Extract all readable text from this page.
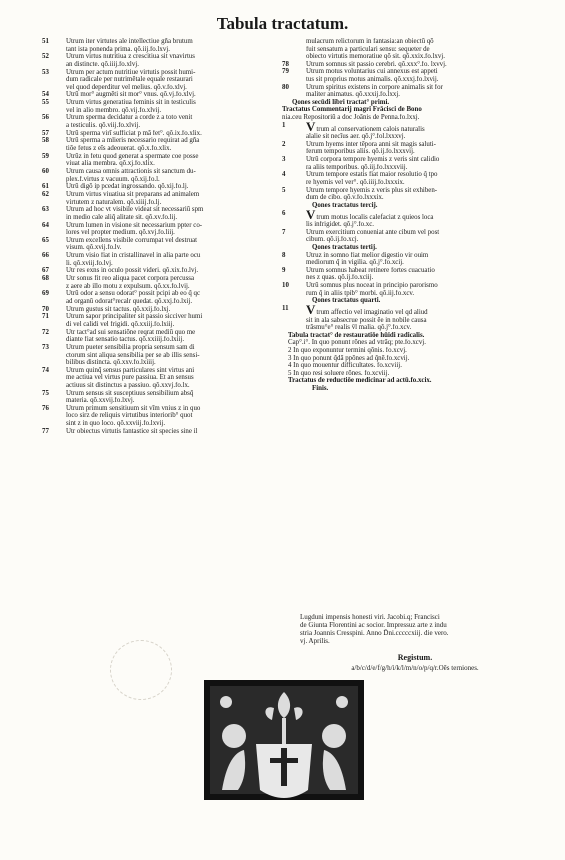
Tabula tractatum.
51	Utrum iter virtutes ale intellectiue gña brutum
tant ista ponenda prima. qõ.iij.fo.lxvj.
52	Utrum virtus nutritiua z crescitiua sit vnavirtus
an distincte. qõ.iiij.fo.xlvj.
53	Utrum per actum nutritiue virtutis possit humi-
dum radicale per nutrimētale equale restaurari
vel quod deperditur vel melius. qõ.v.fo.xlvj.
54	Utrū mor° augmēti sit mor° vnus. qõ.vj.fo.xlvj.
55	Utrum virtus generatiua feminis sit in testiculis
vel in alio membro. qõ.vij.fo.xlvij.
56	Utrum sperma decidatur a corde z a toto venit
a testiculis. qõ.viij.fo.xlvij.
57	Utrū sperma virī sufficiat p mā fet°. qõ.ix.fo.xlix.
58	Utrū sperma a mlieris necessario requirat ad gña
tiōe fetus z eīs adeouerat. qõ.x.fo.xlix.
59	Utrūz in fetu quod generat a spermate coe posse
viuat alia membra. qõ.xj.fo.xlix.
60	Utrum causa omnis attractionis sit sanctum du-
plex.f.virtus z vacuum. qõ.xij.fo.l.
61	Utrū digō ip pcedat ingrossando. qõ.xij.fo.lj.
62	Utrum virtus viuatiua sit preparans ad animalem
virtutem z naturalem. qõ.xiiij.fo.lj.
63	Utrum ad hoc vt visibile videat sit necessariū spm
in medio cale aliq̃ alitate sit. qõ.xv.fo.lij.
64	Utrum lumen in visione sit necessarium ppter co-
lores vel propter medium. qõ.xvj.fo.liij.
65	Utrum excellens visibile corrumpat vel destruat
visum. qõ.xvij.fo.lv.
66	Utrum visio fiat in cristallinavel in alia parte ocu
li. qõ.xviij.fo.lvj.
67	Utr res exns in oculo possit videri. qõ.xix.fo.lvj.
68	Utr sonus fit reo aliqua pacet corpora percussa
z aere ab illo motu z expulsum. qõ.xx.fo.lvij.
69	Utrū odor a sensu odorat° possit pcipi ab eo q̃ qc
ad organū odorat°recalr quedat. qõ.xxj.fo.lxij.
70	Utrum gustus sit tactus. qõ.xxij.fo.lxj.
71	Utrum sapor principaliter sit passio sicciver humi
di vel calidi vel frigidi. qõ.xxiij.fo.lxiij.
72	Utr tact°ad sui sensatiōne reqrat mediū quo me
diante fiat sensatio tactus. qõ.xxiiij.fo.lxiij.
73	Utrum pueter sensibilia propria sensum sam di
ctorum sint aliqua sensibilia per se ab illis sensi-
bilibus distincta. qõ.xxv.fo.lxiiij.
74	Utrum quinq̃ sensus particulares sint virtus ani
me actiua vel virtus pure passiua. Et an sensus
actiuus sit distinctus a passiuo. qõ.xxvj.fo.lx.
75	Utrum sensus sit susceptiuus sensibilium absq̃
materia. qõ.xxvij.fo.lxvj.
76	Utrum primum sensitiuum sit vīm vnius z in quo
loco sirz de reliquis virtutibus interiorib° quot
sint z in quo loco. qõ.xxviij.fo.lxvij.
77	Utr obiectus virtutis fantastice sit species sine il
mulacrum relictorum in fantasia:an obiectū qō
fuit sensatum a particulari sensu: sequeter de
obiecto virtutis memoratiue qō sit. qõ.xxix.fo.lxvj.
78	Utrum somnus sit passio cerebri. qõ.xxx°.fo. lxvvj.
79	Utrum motus voluntarius cui annexus est appeti
tus sit proprius motus animalis. qõ.xxxj.fo.lxvij.
80	Utrum spiritus existens in corpore animalis sit for
maliter animatus. qõ.xxxij.fo.lxxj.
Q̃ones secūdi libri tractat° primi.
Tractatus Commentarij magri Frācisci de Bono
nia.ceu Repositoriū a doc Joānis de Penna.fo.lxxj.
1	Vtrum al conservationem calois naturalis
alalie sit necīus aer. qõ.j°.fol.lxxxvj.
2	Utrum hyems inter tēpora anni sit magis saluti-
ferum temporibus aliis. qõ.ij.fo.lxxxvij.
3	Utrū corpora tempore hyemis z veris sint calidio
ra aliis temporibus. qõ.iij.fo.lxxxviij.
4	Utrum tempore estatis fiat maior resolutio q̃ tpo
re hyemis vel ver°. qõ.iiij.fo.lxxxix.
5	Utrum tempore hyemis z veris plus sit exhiben-
dum de cibo. qõ.v.fo.lxxxix.
Q̃ones tractatus tercij.
6	Vtrum motus localis calefaciat z quieos loca
lis infrigidet. qõ.j°.fo.xc.
7	Utrum exercitium conueniat ante cibum vel post
cibum. qõ.ij.fo.xcj.
Q̃ones tractatus tertij.
8	Utruz in somno fiat melior digestio vir ouim
mediorum q̃ in vigilia. qõ.j°.fo.xcij.
9	Utrum somnus habeat retinere fortes cuacuatio
nes z quas. qõ.ij.fo.xciij.
10	Utrū somnus plus noceat in principio parorismo
rum q̃ in aliis tpib° morbi. qõ.iij.fo.xcv.
Q̃ones tractatus quarti.
11	Vtrum affectio vel imaginatio vel qd aliud
sit in ala sabsecrue possit ēe in nobile causa
trāsmu°e° realis v̄l malia. qõ.j°.fo.xcv.
Tabula tractat° de restauratiōe hūidi radicalis.
Cap°.i°. In quo ponunt rōnes ad vtrāq; pte.fo.xcvj.
2 In quo exponuntur termini qōnis. fo.xcvj.
3 In quo ponunt q̃dā ppōnes ad q̃nē.fo.xcvij.
4 In quo mouentur difficultates. fo.xcviij.
5 In quo resi soluere rōnes. fo.xcviij.
Tractatus de reductiōe medicinar ad actū.fo.xcix.
Finis.
Lugduni impensis honesti viri. Jacobi.q; Francisci
de Giunta Florentini ac socior. Impressuz arte z indu
stria Joannis Cresspini. Anno D̄ni.cccccxiij. die vero.
vj. Aprilis.
Registum.
a/b/c/d/e/f/g/h/i/k/l/m/n/o/p/q/r.Oēs terniones.
